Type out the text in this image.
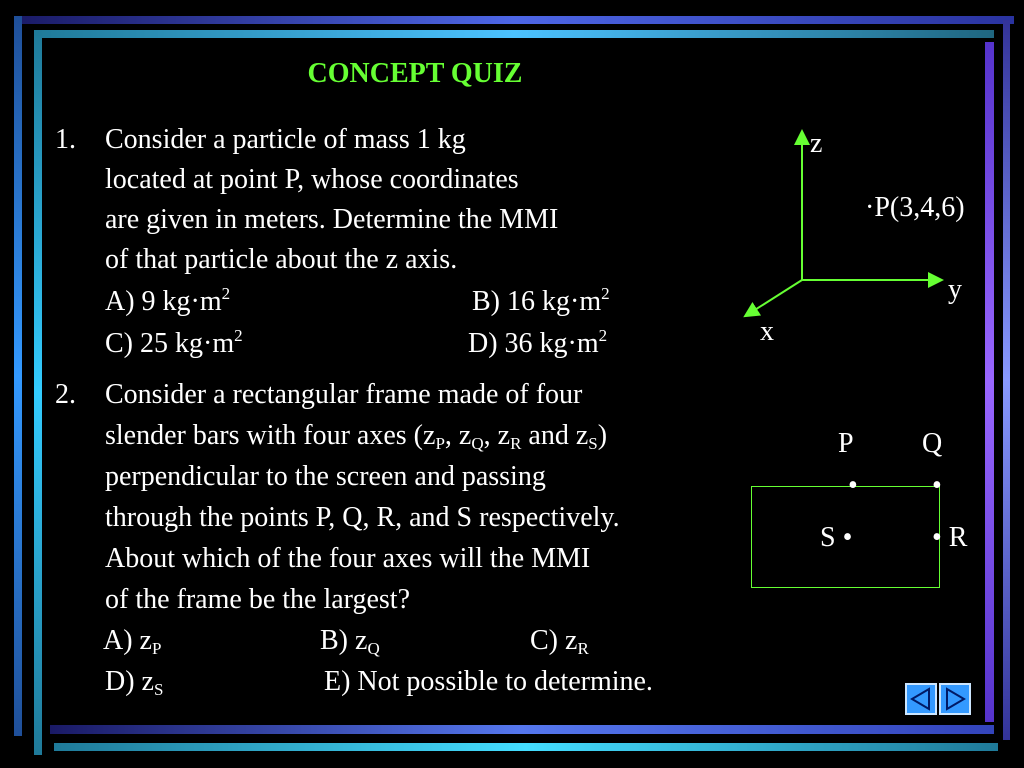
CONCEPT QUIZ
1. Consider a particle of mass 1 kg
located at point P, whose coordinates
are given in meters. Determine the MMI
of that particle about the z axis.
A) 9 $kg\cdot m^2$	B) 16 $kg\cdot m^2$
C) 25 $kg\cdot m^2$	D) 36 $kg\cdot m^2$
z
y
x
·P(3,4,6)
2. Consider a rectangular frame made of four
slender bars with four axes ($z_P$, $z_Q$, $z_R$ and $z_S$)
perpendicular to the screen and passing
through the points P, Q, R, and S respectively.
About which of the four axes will the MMI
of the frame be the largest?
A) $z_P$	B) $z_Q$	C) $z_R$
D) $z_S$	E) Not possible to determine.
P Q
•	•
S •	• R
